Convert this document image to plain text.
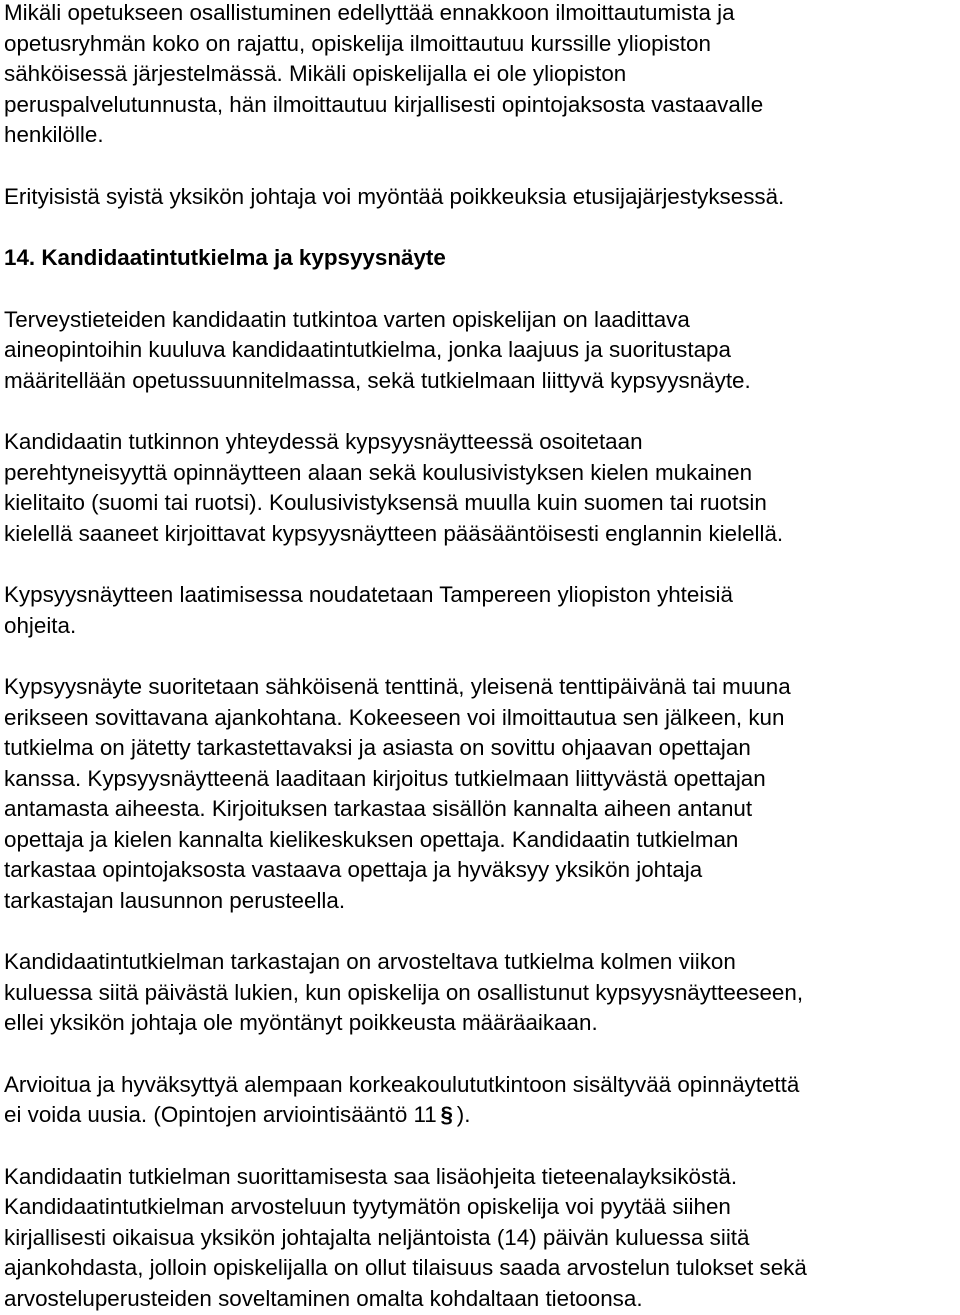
Mikäli opetukseen osallistuminen edellyttää ennakkoon ilmoittautumista ja
opetusryhmän koko on rajattu, opiskelija ilmoittautuu kurssille yliopiston
sähköisessä järjestelmässä. Mikäli opiskelijalla ei ole yliopiston
peruspalvelutunnusta, hän ilmoittautuu kirjallisesti opintojaksosta vastaavalle
henkilölle.

Erityisistä syistä yksikön johtaja voi myöntää poikkeuksia etusijajärjestyksessä.

14. Kandidaatintutkielma ja kypsyysnäyte

Terveystieteiden kandidaatin tutkintoa varten opiskelijan on laadittava
aineopintoihin kuuluva kandidaatintutkielma, jonka laajuus ja suoritustapa
määritellään opetussuunnitelmassa, sekä tutkielmaan liittyvä kypsyysnäyte.

Kandidaatin tutkinnon yhteydessä kypsyysnäytteessä osoitetaan
perehtyneisyyttä opinnäytteen alaan sekä koulusivistyksen kielen mukainen
kielitaito (suomi tai ruotsi). Koulusivistyksensä muulla kuin suomen tai ruotsin
kielellä saaneet kirjoittavat kypsyysnäytteen pääsääntöisesti englannin kielellä.

Kypsyysnäytteen laatimisessa noudatetaan Tampereen yliopiston yhteisiä
ohjeita.

Kypsyysnäyte suoritetaan sähköisenä tenttinä, yleisenä tenttipäivänä tai muuna
erikseen sovittavana ajankohtana. Kokeeseen voi ilmoittautua sen jälkeen, kun
tutkielma on jätetty tarkastettavaksi ja asiasta on sovittu ohjaavan opettajan
kanssa. Kypsyysnäytteenä laaditaan kirjoitus tutkielmaan liittyvästä opettajan
antamasta aiheesta. Kirjoituksen tarkastaa sisällön kannalta aiheen antanut
opettaja ja kielen kannalta kielikeskuksen opettaja. Kandidaatin tutkielman
tarkastaa opintojaksosta vastaava opettaja ja hyväksyy yksikön johtaja
tarkastajan lausunnon perusteella.

Kandidaatintutkielman tarkastajan on arvosteltava tutkielma kolmen viikon
kuluessa siitä päivästä lukien, kun opiskelija on osallistunut kypsyysnäytteeseen,
ellei yksikön johtaja ole myöntänyt poikkeusta määräaikaan.

Arvioitua ja hyväksyttyä alempaan korkeakoulututkintoon sisältyvää opinnäytettä
ei voida uusia. (Opintojen arviointisääntö 11 § ).

Kandidaatin tutkielman suorittamisesta saa lisäohjeita tieteenalayksiköstä.
Kandidaatintutkielman arvosteluun tyytymätön opiskelija voi pyytää siihen
kirjallisesti oikaisua yksikön johtajalta neljäntoista (14) päivän kuluessa siitä
ajankohdasta, jolloin opiskelijalla on ollut tilaisuus saada arvostelun tulokset sekä
arvosteluperusteiden soveltaminen omalta kohdaltaan tietoonsa.
